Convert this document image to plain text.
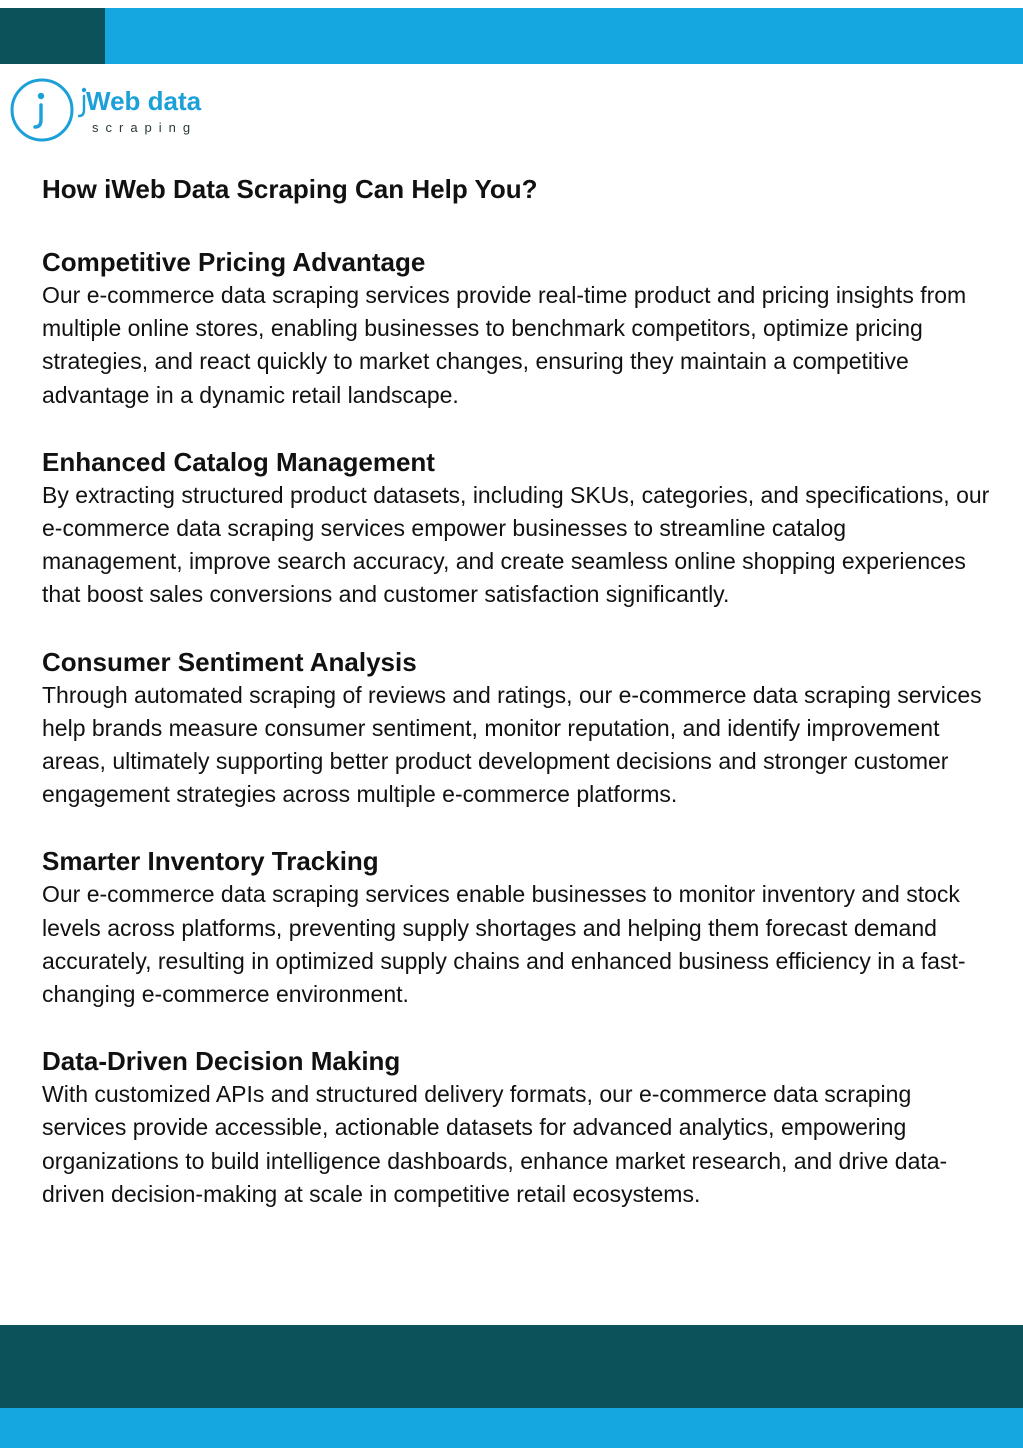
Web data
scraping
How iWeb Data Scraping Can Help You?
Competitive Pricing Advantage

Our e-commerce data scraping services provide real-time product and pricing insights from multiple online stores, enabling businesses to benchmark competitors, optimize pricing strategies, and react quickly to market changes, ensuring they maintain a competitive advantage in a dynamic retail landscape.

Enhanced Catalog Management

By extracting structured product datasets, including SKUs, categories, and specifications, our e-commerce data scraping services empower businesses to streamline catalog management, improve search accuracy, and create seamless online shopping experiences that boost sales conversions and customer satisfaction significantly.

Consumer Sentiment Analysis

Through automated scraping of reviews and ratings, our e-commerce data scraping services help brands measure consumer sentiment, monitor reputation, and identify improvement areas, ultimately supporting better product development decisions and stronger customer engagement strategies across multiple e-commerce platforms.

Smarter Inventory Tracking

Our e-commerce data scraping services enable businesses to monitor inventory and stock levels across platforms, preventing supply shortages and helping them forecast demand accurately, resulting in optimized supply chains and enhanced business efficiency in a fast-changing e-commerce environment.

Data-Driven Decision Making

With customized APIs and structured delivery formats, our e-commerce data scraping services provide accessible, actionable datasets for advanced analytics, empowering organizations to build intelligence dashboards, enhance market research, and drive data-driven decision-making at scale in competitive retail ecosystems.
